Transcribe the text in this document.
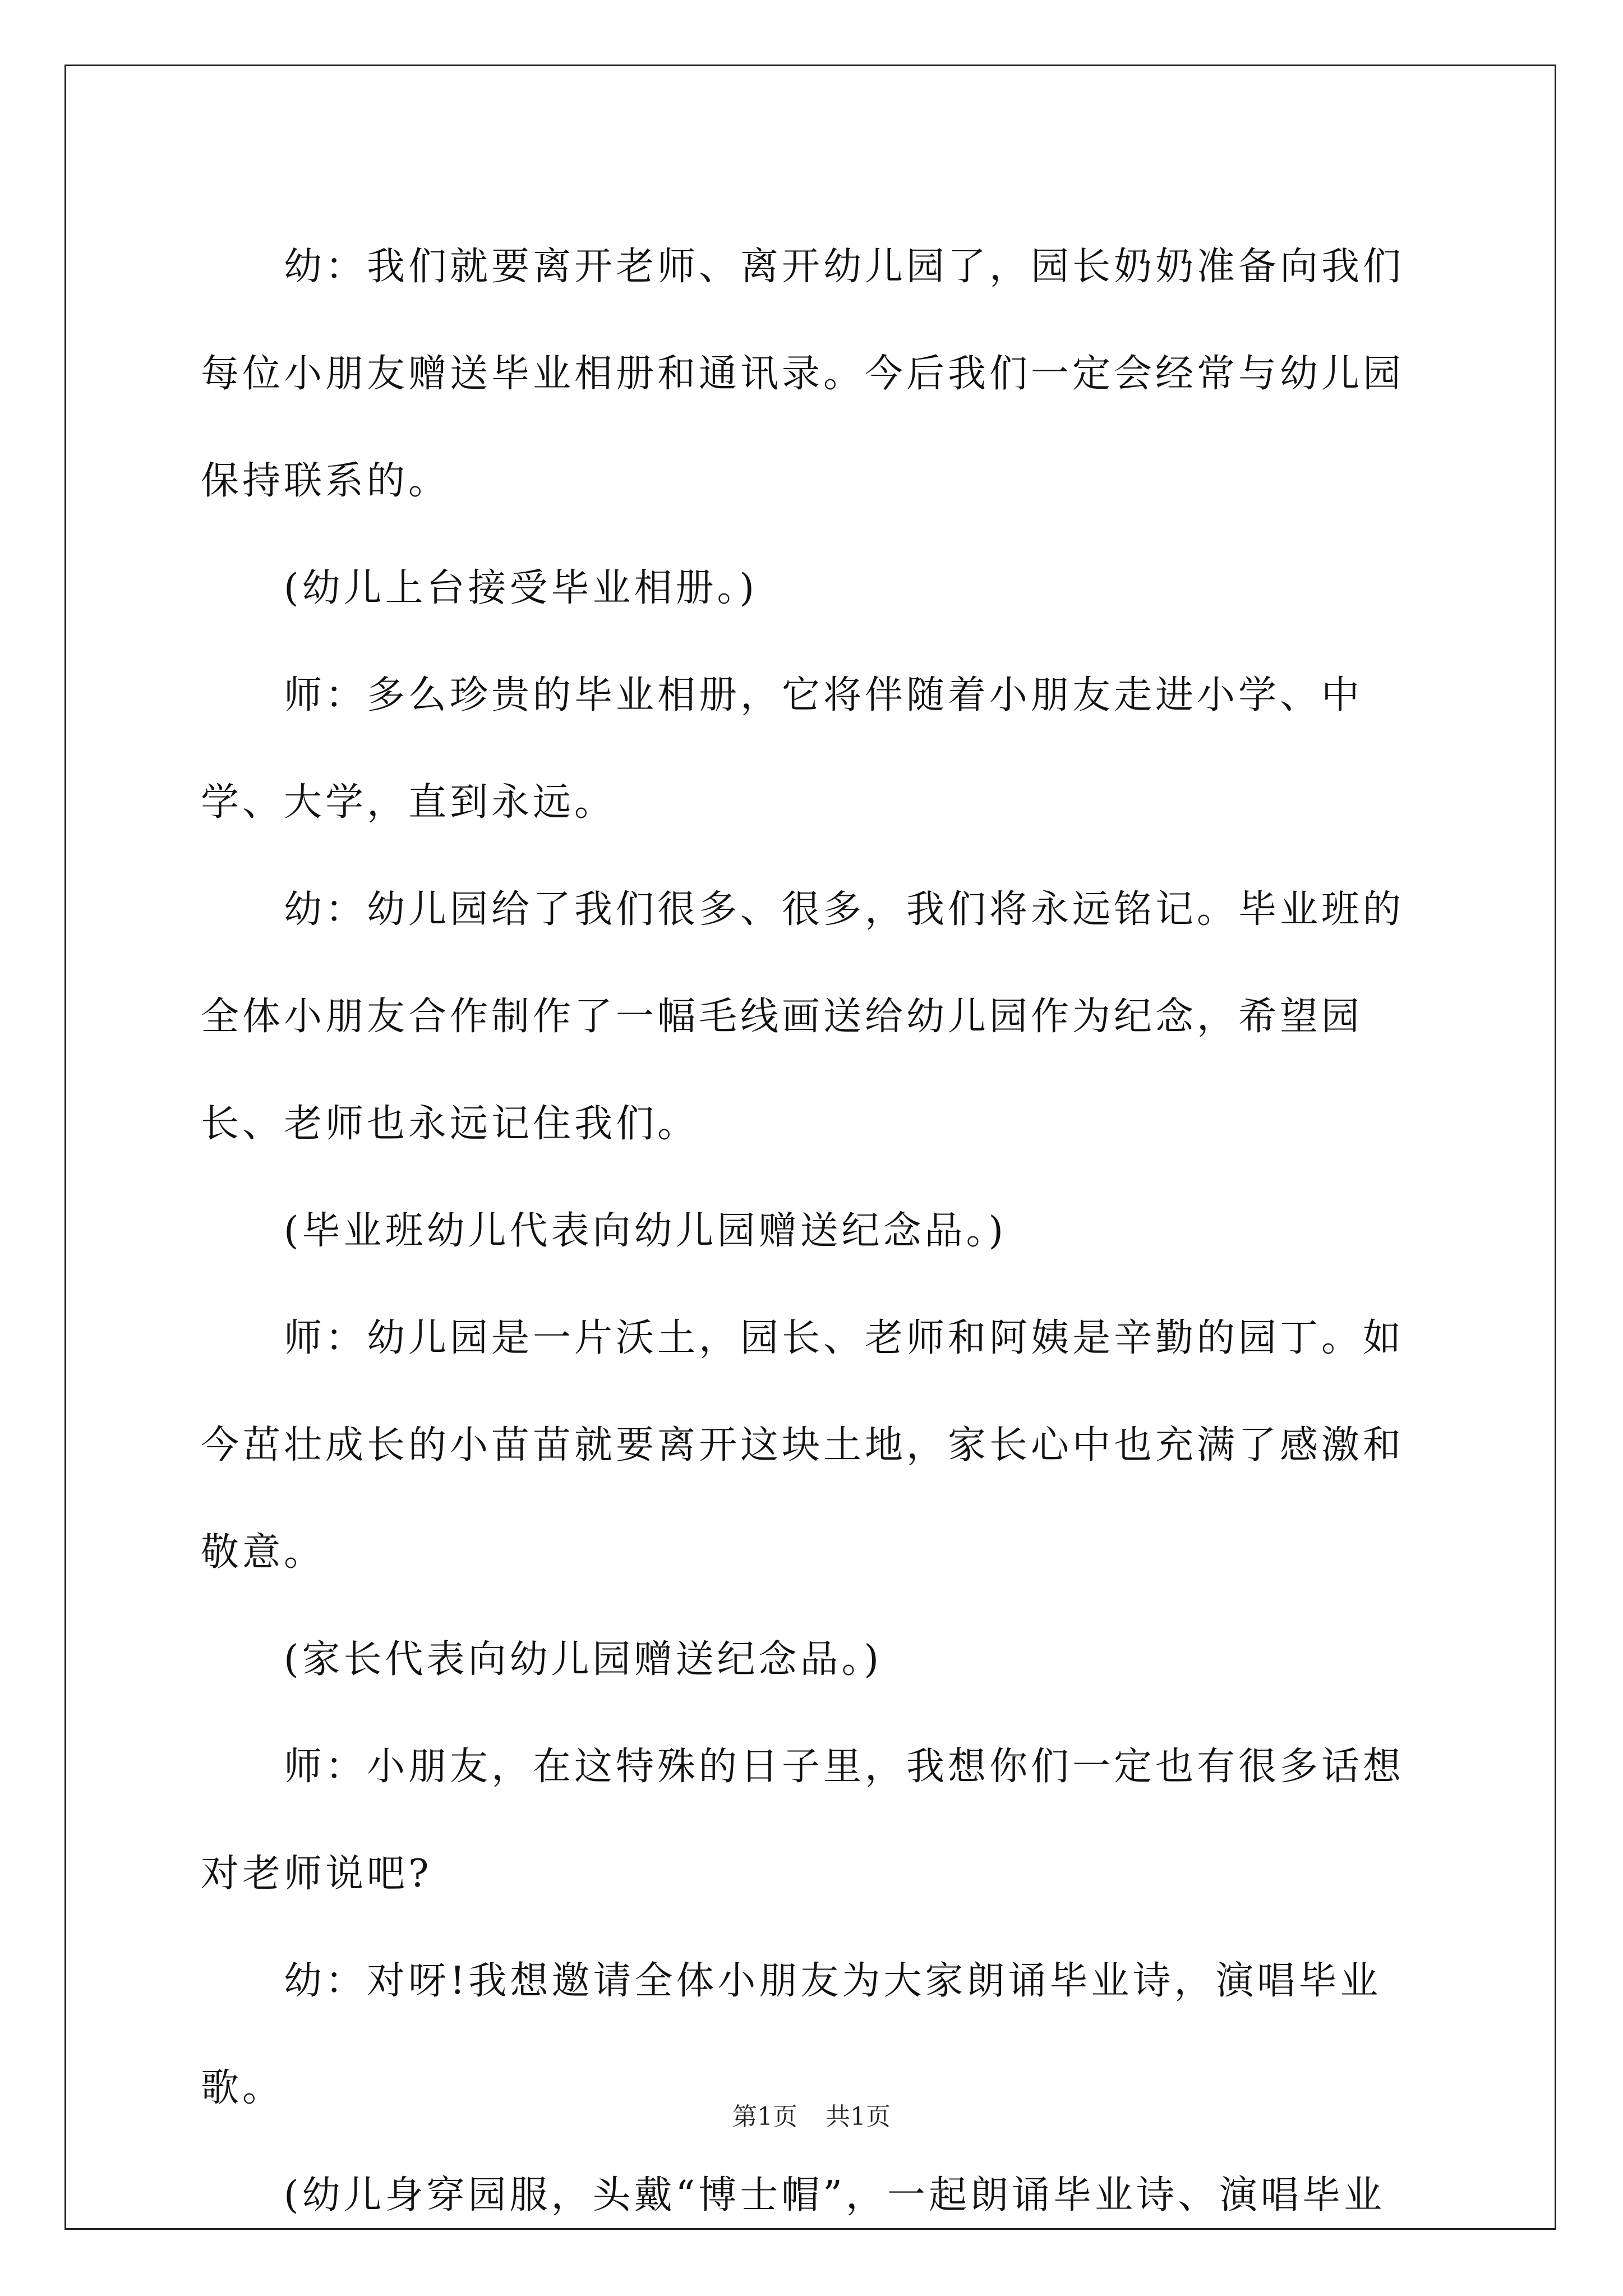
幼：我们就要离开老师、离开幼儿园了，园长奶奶准备向我们每位小朋友赠送毕业相册和通讯录。今后我们一定会经常与幼儿园保持联系的。

(幼儿上台接受毕业相册。)

师：多么珍贵的毕业相册，它将伴随着小朋友走进小学、中学、大学，直到永远。

幼：幼儿园给了我们很多、很多，我们将永远铭记。毕业班的全体小朋友合作制作了一幅毛线画送给幼儿园作为纪念，希望园长、老师也永远记住我们。

(毕业班幼儿代表向幼儿园赠送纪念品。)

师：幼儿园是一片沃土，园长、老师和阿姨是辛勤的园丁。如今茁壮成长的小苗苗就要离开这块土地，家长心中也充满了感激和敬意。

(家长代表向幼儿园赠送纪念品。)

师：小朋友，在这特殊的日子里，我想你们一定也有很多话想对老师说吧?

幼：对呀!我想邀请全体小朋友为大家朗诵毕业诗，演唱毕业歌。

(幼儿身穿园服，头戴“博士帽”，一起朗诵毕业诗、演唱毕业

第1页 共1页
